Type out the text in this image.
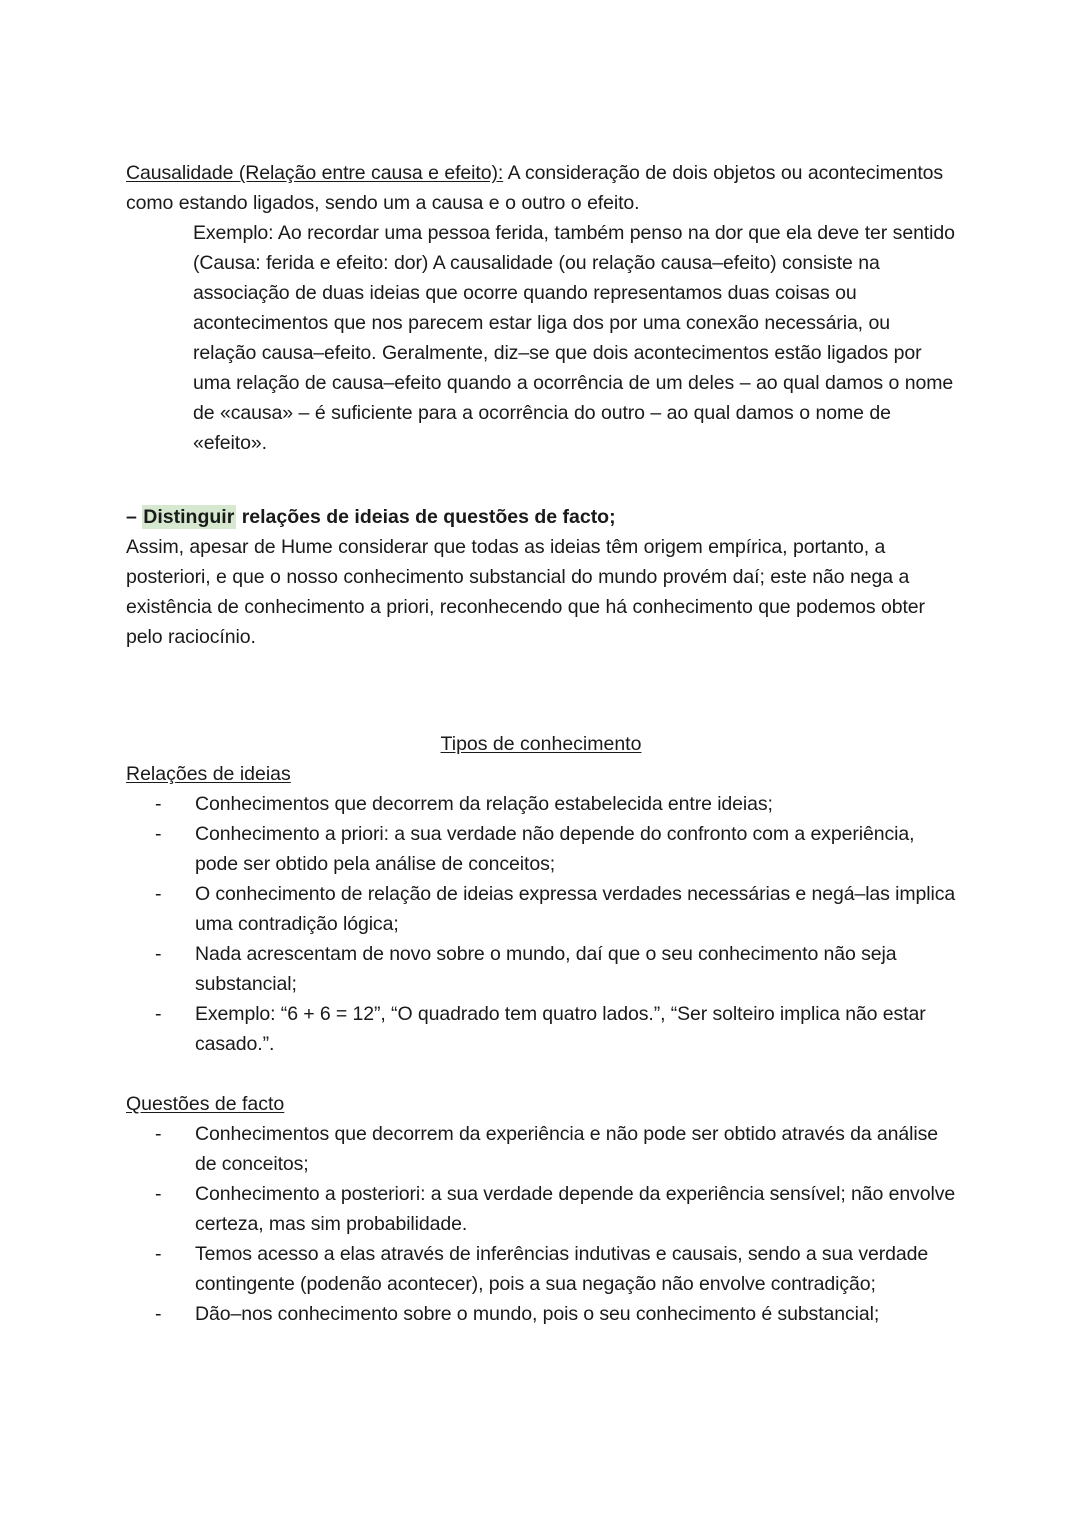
Causalidade (Relação entre causa e efeito): A consideração de dois objetos ou acontecimentos como estando ligados, sendo um a causa e o outro o efeito.

Exemplo: Ao recordar uma pessoa ferida, também penso na dor que ela deve ter sentido (Causa: ferida e efeito: dor) A causalidade (ou relação causa–efeito) consiste na associação de duas ideias que ocorre quando representamos duas coisas ou acontecimentos que nos parecem estar liga dos por uma conexão necessária, ou relação causa–efeito. Geralmente, diz–se que dois acontecimentos estão ligados por uma relação de causa–efeito quando a ocorrência de um deles – ao qual damos o nome de «causa» – é suficiente para a ocorrência do outro – ao qual damos o nome de «efeito».

– Distinguir relações de ideias de questões de facto;

Assim, apesar de Hume considerar que todas as ideias têm origem empírica, portanto, a posteriori, e que o nosso conhecimento substancial do mundo provém daí; este não nega a existência de conhecimento a priori, reconhecendo que há conhecimento que podemos obter pelo raciocínio.

Tipos de conhecimento

Relações de ideias

- Conhecimentos que decorrem da relação estabelecida entre ideias;
- Conhecimento a priori: a sua verdade não depende do confronto com a experiência, pode ser obtido pela análise de conceitos;
- O conhecimento de relação de ideias expressa verdades necessárias e negá–las implica uma contradição lógica;
- Nada acrescentam de novo sobre o mundo, daí que o seu conhecimento não seja substancial;
- Exemplo: “6 + 6 = 12”, “O quadrado tem quatro lados.”, “Ser solteiro implica não estar casado.”.

Questões de facto

- Conhecimentos que decorrem da experiência e não pode ser obtido através da análise de conceitos;
- Conhecimento a posteriori: a sua verdade depende da experiência sensível; não envolve certeza, mas sim probabilidade.
- Temos acesso a elas através de inferências indutivas e causais, sendo a sua verdade contingente (podenão acontecer), pois a sua negação não envolve contradição;
- Dão–nos conhecimento sobre o mundo, pois o seu conhecimento é substancial;
